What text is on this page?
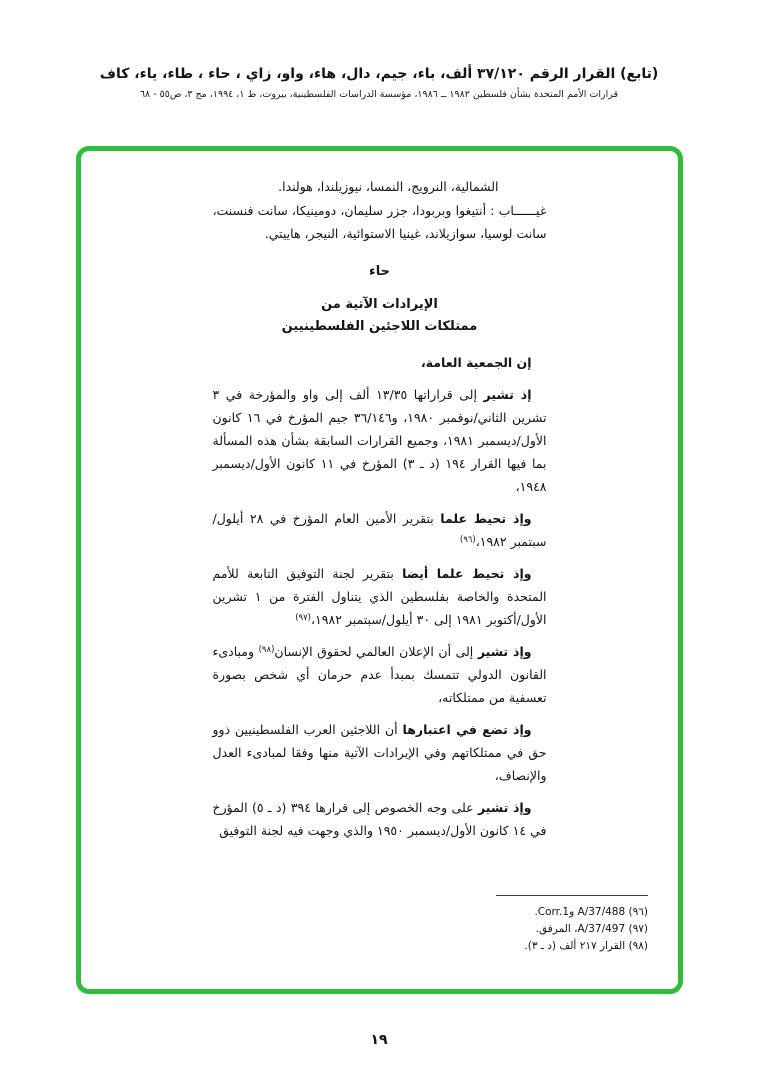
(تابع) القرار الرقم ٣٧/١٢٠ ألف، باء، جيم، دال، هاء، واو، زاي ، حاء ، طاء، ياء، كاف
قرارات الأمم المتحدة بشأن فلسطين ١٩٨٢ ــ ١٩٨٦، مؤسسة الدراسات الفلسطينية، بيروت، ط ١، ١٩٩٤، مج ٣، ص٥٥ - ٦٨

الشمالية، النرويج، النمسا، نيوزيلندا، هولندا.

غيــــــاب : أنتيغوا وبربودا، جزر سليمان، دومينيكا، سانت فنسنت، سانت لوسيا، سوازيلاند، غينيا الاستوائية، النيجر، هاييتي.

حاء
الإيرادات الآتية من
ممتلكات اللاجئين الفلسطينيين

إن الجمعية العامة،

إذ تشير إلى قراراتها ١٣/٣٥ ألف إلى واو والمؤرخة في ٣ تشرين الثاني/نوفمبر ١٩٨٠، و٣٦/١٤٦ جيم المؤرخ في ١٦ كانون الأول/ديسمبر ١٩٨١، وجميع القرارات السابقة بشأن هذه المسألة بما فيها القرار ١٩٤ (د ـ ٣) المؤرخ في ١١ كانون الأول/ديسمبر ١٩٤٨،

وإذ تحيط علما بتقرير الأمين العام المؤرخ في ٢٨ أيلول/سبتمبر ١٩٨٢،$^{(٩٦)}$

وإذ تحيط علما أيضا بتقرير لجنة التوفيق التابعة للأمم المتحدة والخاصة بفلسطين الذي يتناول الفترة من ١ تشرين الأول/أكتوبر ١٩٨١ إلى ٣٠ أيلول/سبتمبر ١٩٨٢،$^{(٩٧)}$

وإذ تشير إلى أن الإعلان العالمي لحقوق الإنسان$^{(٩٨)}$ ومبادىء القانون الدولي تتمسك بمبدأ عدم حرمان أي شخص بصورة تعسفية من ممتلكاته،

وإذ تضع في اعتبارها أن اللاجئين العرب الفلسطينيين ذوو حق في ممتلكاتهم وفي الإيرادات الآتية منها وفقا لمبادىء العدل والإنصاف،

وإذ تشير على وجه الخصوص إلى قرارها ٣٩٤ (د ـ ٥) المؤرخ في ١٤ كانون الأول/ديسمبر ١٩٥٠ والذي وجهت فيه لجنة التوفيق

(٩٦) A/37/488 وCorr.1.
(٩٧) A/37/497، المرفق.
(٩٨) القرار ٢١٧ ألف (د ـ ٣).
١٩
